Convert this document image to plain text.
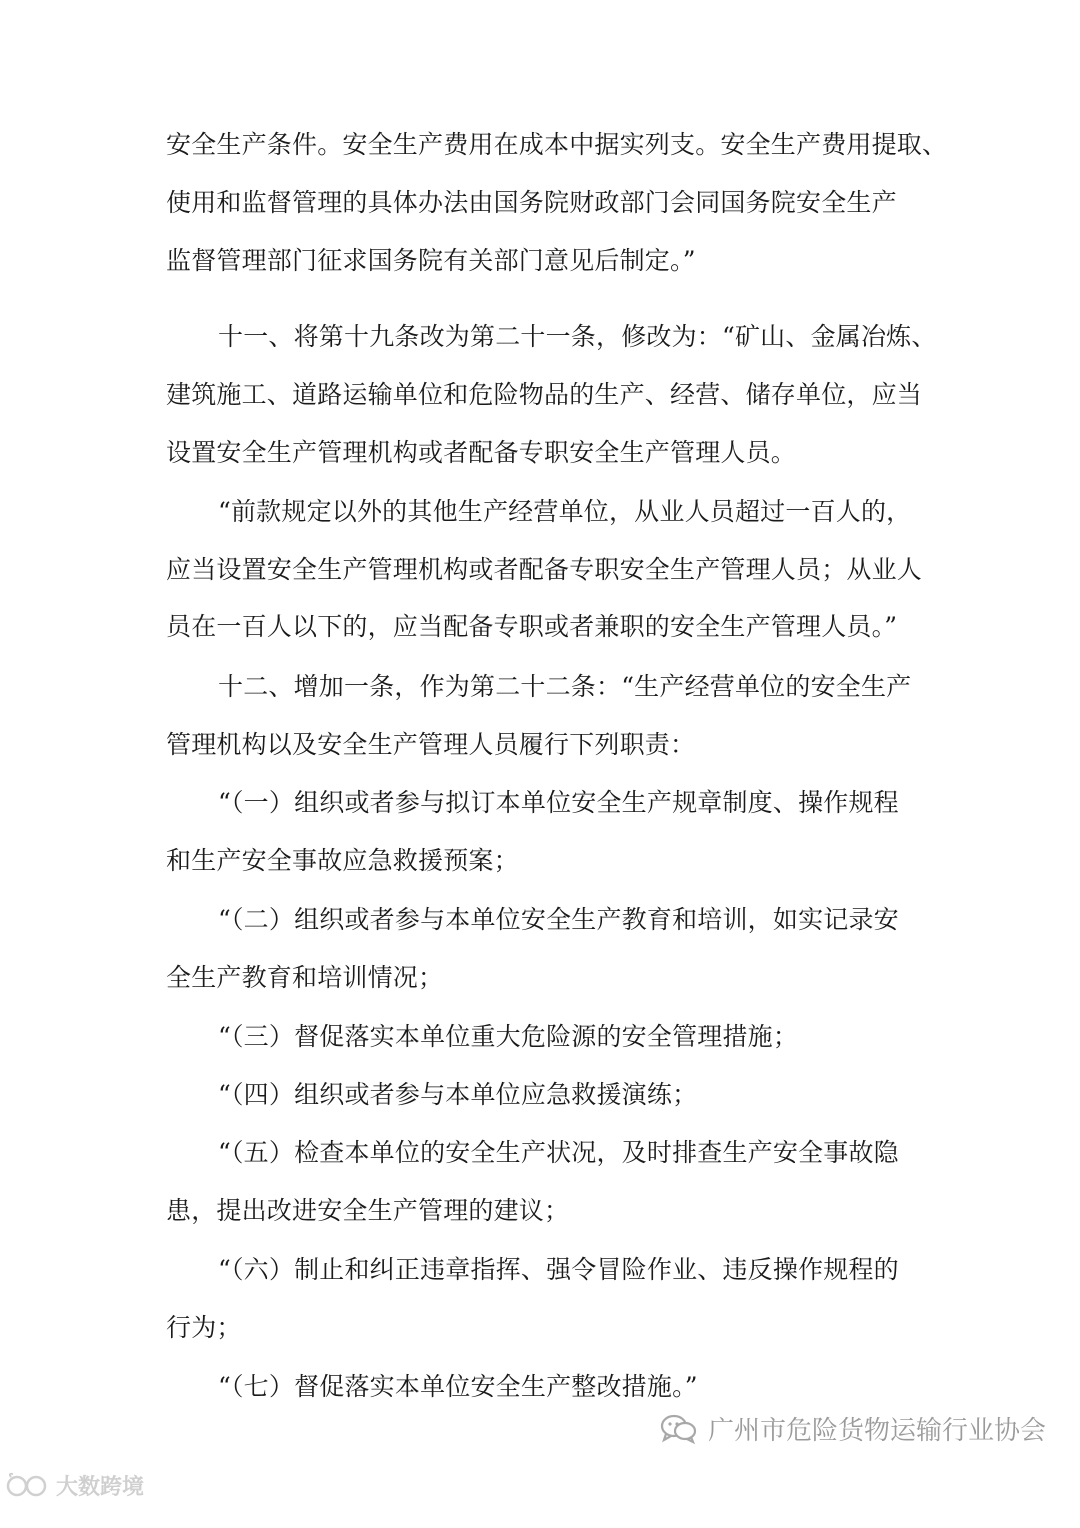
安全生产条件。安全生产费用在成本中据实列支。安全生产费用提取、
使用和监督管理的具体办法由国务院财政部门会同国务院安全生产
监督管理部门征求国务院有关部门意见后制定。”
十一、将第十九条改为第二十一条，修改为：“矿山、金属冶炼、
建筑施工、道路运输单位和危险物品的生产、经营、储存单位，应当
设置安全生产管理机构或者配备专职安全生产管理人员。
“前款规定以外的其他生产经营单位，从业人员超过一百人的，
应当设置安全生产管理机构或者配备专职安全生产管理人员；从业人
员在一百人以下的，应当配备专职或者兼职的安全生产管理人员。”
十二、增加一条，作为第二十二条：“生产经营单位的安全生产
管理机构以及安全生产管理人员履行下列职责：
“（一）组织或者参与拟订本单位安全生产规章制度、操作规程
和生产安全事故应急救援预案；
“（二）组织或者参与本单位安全生产教育和培训，如实记录安
全生产教育和培训情况；
“（三）督促落实本单位重大危险源的安全管理措施；
“（四）组织或者参与本单位应急救援演练；
“（五）检查本单位的安全生产状况，及时排查生产安全事故隐
患，提出改进安全生产管理的建议；
“（六）制止和纠正违章指挥、强令冒险作业、违反操作规程的
行为；
“（七）督促落实本单位安全生产整改措施。”
广州市危险货物运输行业协会
大数跨境
